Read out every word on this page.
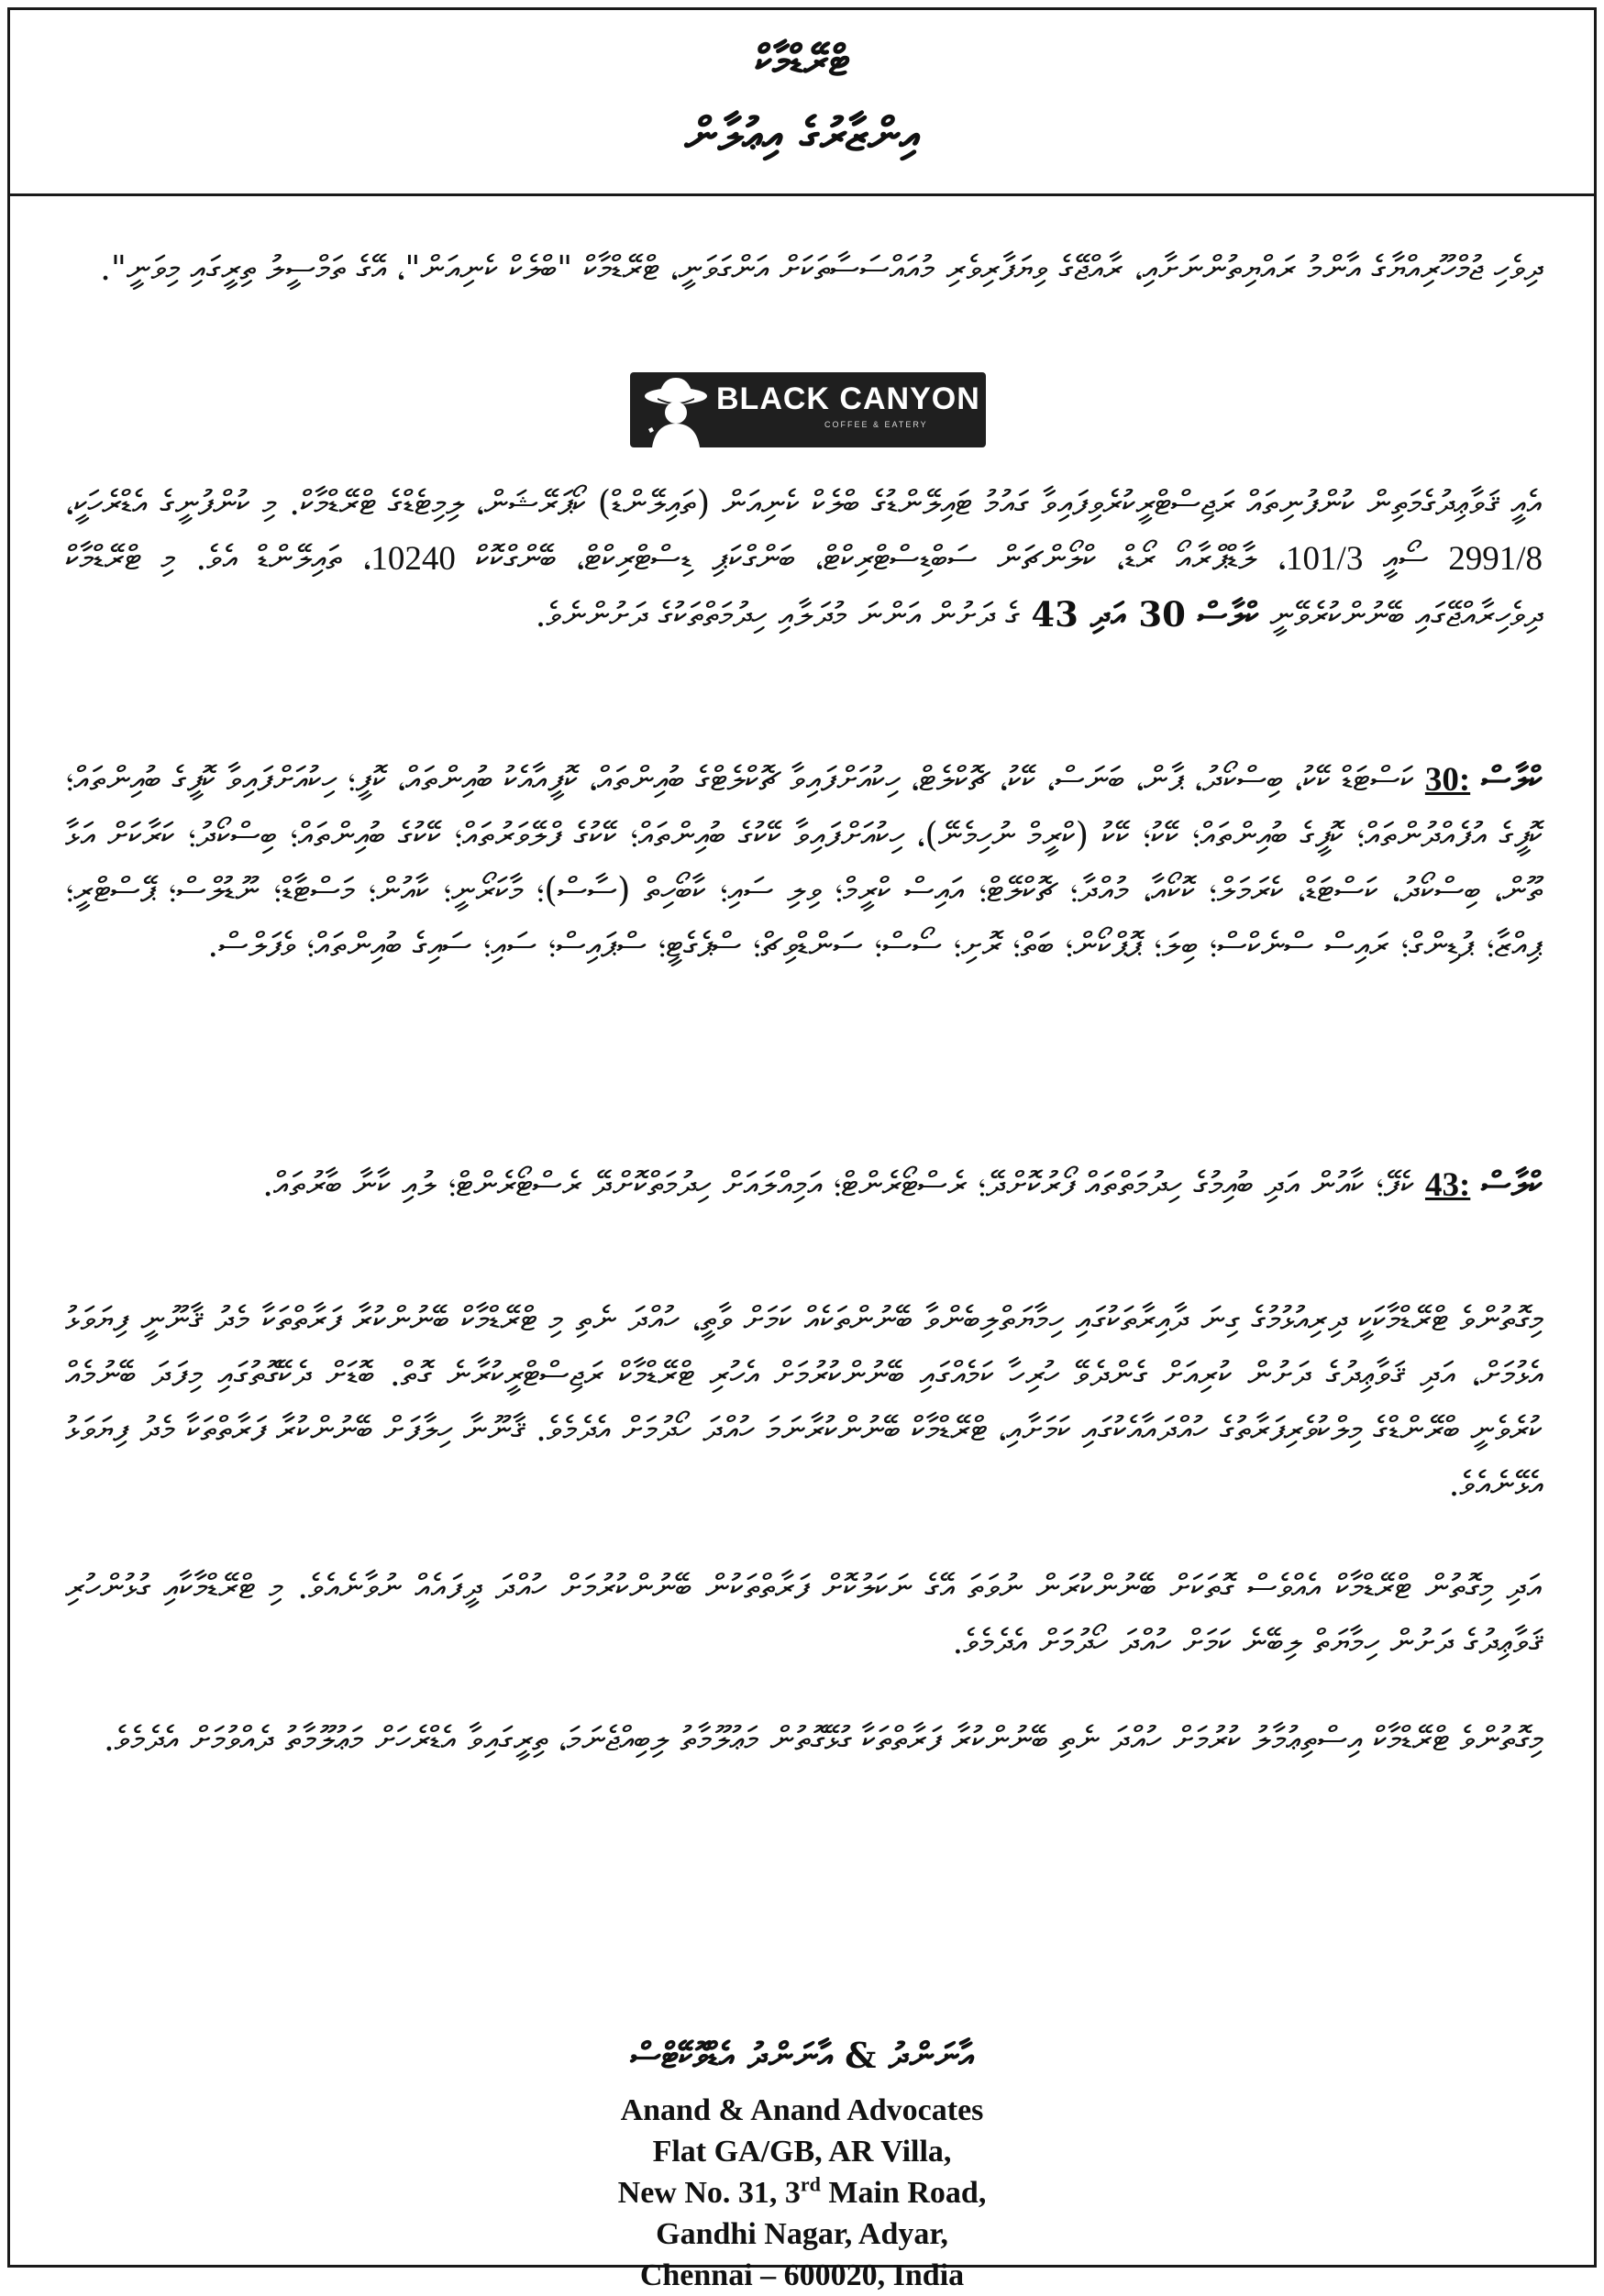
ޓްރޭޑްމާކް
އިންޒާރުގެ އިޢުލާން

ދިވެހި ޖުމްހޫރިއްޔާގެ އާންމު ރައްޔިތުންނަށާއި، ރާއްޖޭގެ ވިޔަފާރިވެރި މުއައްސަސާތަކަށް އަންގަވަނީ، ޓްރޭޑްމާކް "ބްލެކް ކެނިއަން"، އޭގެ ތަމްސީލު ތިރީގައި މިވަނީ".

BLACK CANYON
COFFEE & EATERY

އެއީ ޤަވާޢިދުގެމަތިން ކުންފުނިތައް ރަޖިސްޓްރީކުރެވިފައިވާ ގައުމު ޓައިލޭންޑުގެ ބްލެކް ކެނިއަން (ތައިލޭންޑް) ކޯޕަރޭޝަން، ލިމިޓެޑްގެ ޓްރޭޑްމާކް. މި ކުންފުނީގެ އެޑްރެހަކީ، 2991/8 ސޯއީ 101/3، ލާޑްޕްރާއޯ ރޯޑް، ކްލޯންޗަން ސަބްޑިސްޓްރިކްޓް، ބަންގްކަޕި ޑިސްޓްރިކްޓް، ބޭންގްކޮކް 10240، ތައިލޭންޑް އެވެ. މި ޓްރޭޑްމާކް ދިވެހިރާއްޖޭގައި ބޭނުންކުރެވޭނީ ކްލާސް 30 އަދި 43 ގެ ދަށުން އަންނަ މުދަލާއި ހިދުމަތްތަކުގެ ދަށުންނެވެ.

ކްލާސް 30: ކަސްޓަޑް ކޭކު، ބިސްކޯދު، ޕާން، ބަނަސް، ކޭކު، ޗޮކްލެޓް، ހިކުއަށްފައިވާ ޗޮކްލެޓްގެ ބުއިންތައް، ކޮފީއާއެކު ބުއިންތައް، ކޮފީ؛ ހިކުއަށްފައިވާ ކޮފީގެ ބުއިންތައް؛ ކޮފީގެ އުފެއްދުންތައް؛ ކޮފީގެ ބުއިންތައް؛ ކޭކު؛ ކޭކު (ކްރީމް ނުހިމެނޭ)، ހިކުއަށްފައިވާ ކޭކުގެ ބުއިންތައް؛ ކޭކުގެ ފްލޭވަރުތައް؛ ކޭކުގެ ބުއިންތައް؛ ބިސްކޯދު؛ ކަރާކަށް އަޅާ ތޫން، ބިސްކޯދު، ކަސްޓަޑް، ކެރަމަލް؛ ކޮކޯއާ، މުއްދާ؛ ޗޮކްލޭޓް؛ އައިސް ކްރީމް؛ ވިލި ސައި؛ ކާބޯހިތް (ސާސް)؛ މާކަރޯނީ؛ ކާއުން؛ މަސްޓާޑް؛ ނޫޑުލްސް؛ ޕޭސްޓްރީ؛ ޕިއްޒާ؛ ޕުޑިންގް؛ ރައިސް ސްނެކްސް؛ ބިލަ؛ ޕޮޕްކޯން؛ ބަތް؛ ރޮށި؛ ސޯސް؛ ސަންޑްވިޗް؛ ސްޕެގެޓީ؛ ސްޕައިސް؛ ސައި؛ ސައިގެ ބުއިންތައް؛ ވެފަލްސް.

ކްލާސް 43: ކެފޭ؛ ކާއުން އަދި ބުއިމުގެ ހިދުމަތްތައް ފޯރުކޮށްދޭ؛ ރެސްޓޯރެންޓް؛ އަމިއްލައަށް ހިދުމަތްކޮށްދޭ ރެސްޓޯރެންޓް؛ ލުއި ކާނާ ބާރުތައް.

މިގޮތުންވެ ޓްރޭޑްމާކަކީ ދިރިއުޅުމުގެ ގިނަ ދާއިރާތަކުގައި ހިމާޔަތްލިބެންވާ ބޭނުންތަކެއް ކަމަށް ވާތީ، ހުއްދަ ނެތި މި ޓްރޭޑްމާކް ބޭނުންކުރާ ފަރާތްތަކާ މެދު ޤާނޫނީ ފިޔަވަޅު އެޅުމަށް، އަދި ޤަވާޢިދުގެ ދަށުން ކުރިއަށް ގެންދެވޭ ހުރިހާ ކަމެއްގައި ބޭނުންކުރުމަށް އެހުރި ޓްރޭޑްމާކް ރަޖިސްޓްރީކުރާނެ ގޮތް. ބޮޑަށް ދެކޭގޮތުގައި މިފަދަ ބޭނުމެއް ކުރެވެނީ ބްރޭންޑްގެ މިލްކުވެރިފަރާތުގެ ހުއްދައާއެކުގައި ކަމަށާއި، ޓްރޭޑްމާކް ބޭނުންކުރާނަމަ ހުއްދަ ހޯދުމަށް އެދެމެވެ. ޤާނޫނާ ހިލާފަށް ބޭނުންކުރާ ފަރާތްތަކާ މެދު ފިޔަވަޅު އެޅޭނެއެވެ.

އަދި މިގޮތުން ޓްރޭޑްމާކް އެއްވެސް ގޮތަކަށް ބޭނުންކުރަން ނުވަތަ އޭގެ ނަކަލުކޮށް ފަރާތްތަކުން ބޭނުންކުރުމަށް ހުއްދަ ދީފައެއް ނުވާނެއެވެ. މި ޓްރޭޑްމާކާއި ގުޅުންހުރި ޤަވާޢިދުގެ ދަށުން ހިމާޔަތް ލިބޭނެ ކަމަށް ހުއްދަ ހޯދުމަށް އެދެމެވެ.

މިގޮތުންވެ ޓްރޭޑްމާކް އިސްތިޢުމާލު ކުރުމަށް ހުއްދަ ނެތި ބޭނުންކުރާ ފަރާތްތަކާ ގުޅޭގޮތުން މަޢުލޫމާތު ލިބިއްޖެނަމަ، ތިރީގައިވާ އެޑްރެހަށް މަޢުލޫމާތު ދެއްވުމަށް އެދެމެވެ.

އާނަންދު & އާނަންދު އެޑްވޮކޭޓްސް
Anand & Anand Advocates
Flat GA/GB, AR Villa,
New No. 31, 3rd Main Road,
Gandhi Nagar, Adyar,
Chennai – 600020, India
